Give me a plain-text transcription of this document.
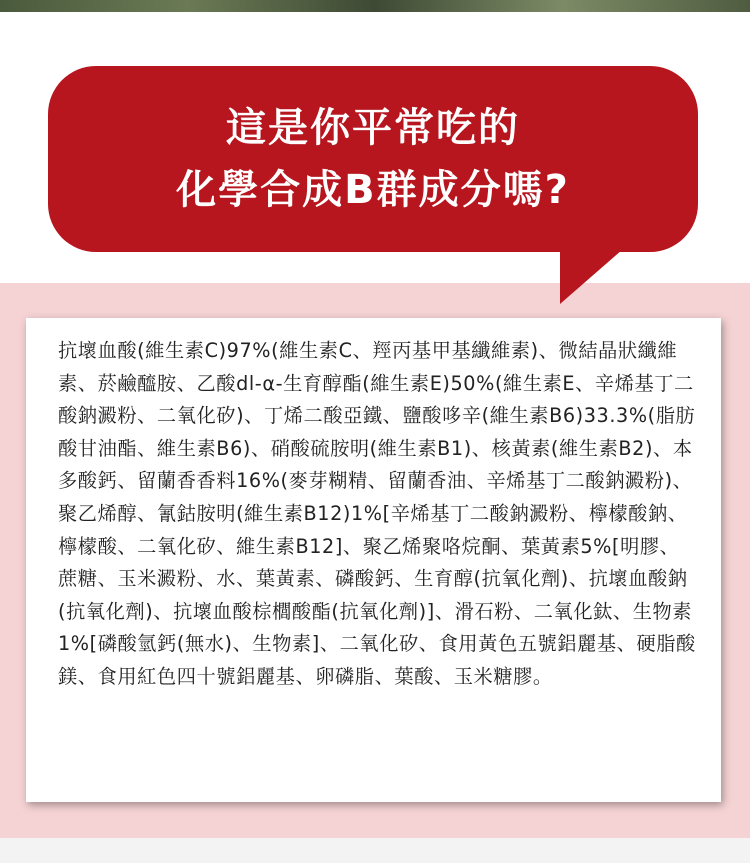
這是你平常吃的
化學合成B群成分嗎?

抗壞血酸(維生素C)97%(維生素C、羥丙基甲基纖維素)、微結晶狀纖維素、菸鹼醯胺、乙酸dl-α-生育醇酯(維生素E)50%(維生素E、辛烯基丁二酸鈉澱粉、二氧化矽)、丁烯二酸亞鐵、鹽酸哆辛(維生素B6)33.3%(脂肪酸甘油酯、維生素B6)、硝酸硫胺明(維生素B1)、核黃素(維生素B2)、本多酸鈣、留蘭香香料16%(麥芽糊精、留蘭香油、辛烯基丁二酸鈉澱粉)、聚乙烯醇、氰鈷胺明(維生素B12)1%[辛烯基丁二酸鈉澱粉、檸檬酸鈉、檸檬酸、二氧化矽、維生素B12]、聚乙烯聚咯烷酮、葉黃素5%[明膠、蔗糖、玉米澱粉、水、葉黃素、磷酸鈣、生育醇(抗氧化劑)、抗壞血酸鈉(抗氧化劑)、抗壞血酸棕櫚酸酯(抗氧化劑)]、滑石粉、二氧化鈦、生物素1%[磷酸氫鈣(無水)、生物素]、二氧化矽、食用黃色五號鋁麗基、硬脂酸鎂、食用紅色四十號鋁麗基、卵磷脂、葉酸、玉米糖膠。
